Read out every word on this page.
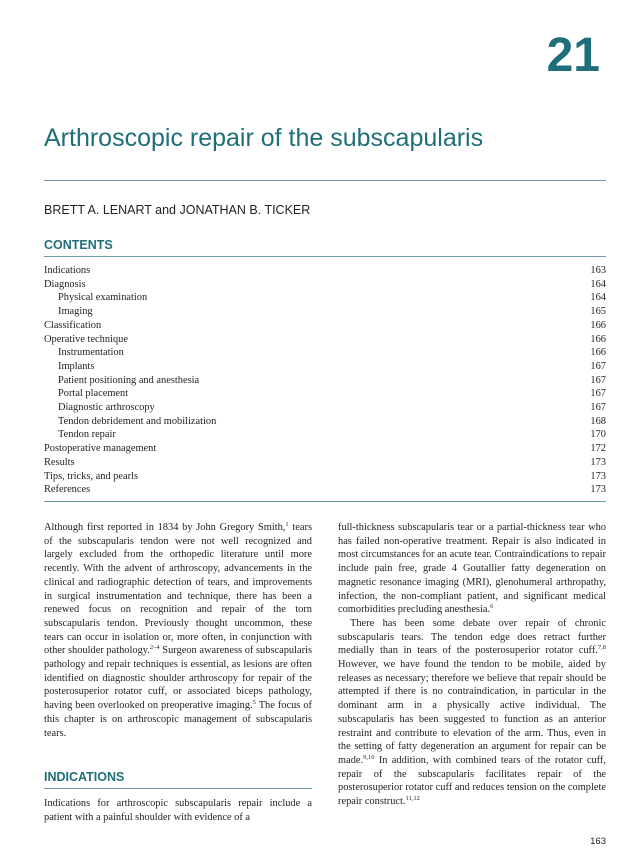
21
Arthroscopic repair of the subscapularis
BRETT A. LENART and JONATHAN B. TICKER
CONTENTS
Indications	163
Diagnosis	164
Physical examination	164
Imaging	165
Classification	166
Operative technique	166
Instrumentation	166
Implants	167
Patient positioning and anesthesia	167
Portal placement	167
Diagnostic arthroscopy	167
Tendon debridement and mobilization	168
Tendon repair	170
Postoperative management	172
Results	173
Tips, tricks, and pearls	173
References	173

Although first reported in 1834 by John Gregory Smith,$^1$ tears of the subscapularis tendon were not well recognized and largely excluded from the orthopedic literature until more recently. With the advent of arthroscopy, advancements in the clinical and radiographic detection of tears, and improvements in surgical instrumentation and technique, there has been a renewed focus on recognition and repair of the torn subscapularis tendon. Previously thought uncommon, these tears can occur in isolation or, more often, in conjunction with other shoulder pathology.$^{2-4}$ Surgeon awareness of subscapularis pathology and repair techniques is essential, as lesions are often identified on diagnostic shoulder arthroscopy for repair of the posterosuperior rotator cuff, or associated biceps pathology, having been overlooked on preoperative imaging.$^5$ The focus of this chapter is on arthroscopic management of subscapularis tears.

INDICATIONS

Indications for arthroscopic subscapularis repair include a patient with a painful shoulder with evidence of a

full-thickness subscapularis tear or a partial-thickness tear who has failed non-operative treatment. Repair is also indicated in most circumstances for an acute tear. Contraindications to repair include pain free, grade 4 Goutallier fatty degeneration on magnetic resonance imaging (MRI), glenohumeral arthropathy, infection, the non-compliant patient, and significant medical comorbidities precluding anesthesia.$^6$

There has been some debate over repair of chronic subscapularis tears. The tendon edge does retract further medially than in tears of the posterosuperior rotator cuff.$^{7,8}$ However, we have found the tendon to be mobile, aided by releases as necessary; therefore we believe that repair should be attempted if there is no contraindication, in particular in the dominant arm in a physically active individual. The subscapularis has been suggested to function as an anterior restraint and contribute to elevation of the arm. Thus, even in the setting of fatty degeneration an argument for repair can be made.$^{9,10}$ In addition, with combined tears of the rotator cuff, repair of the subscapularis facilitates repair of the posterosuperior rotator cuff and reduces tension on the complete repair construct.$^{11,12}$

163
